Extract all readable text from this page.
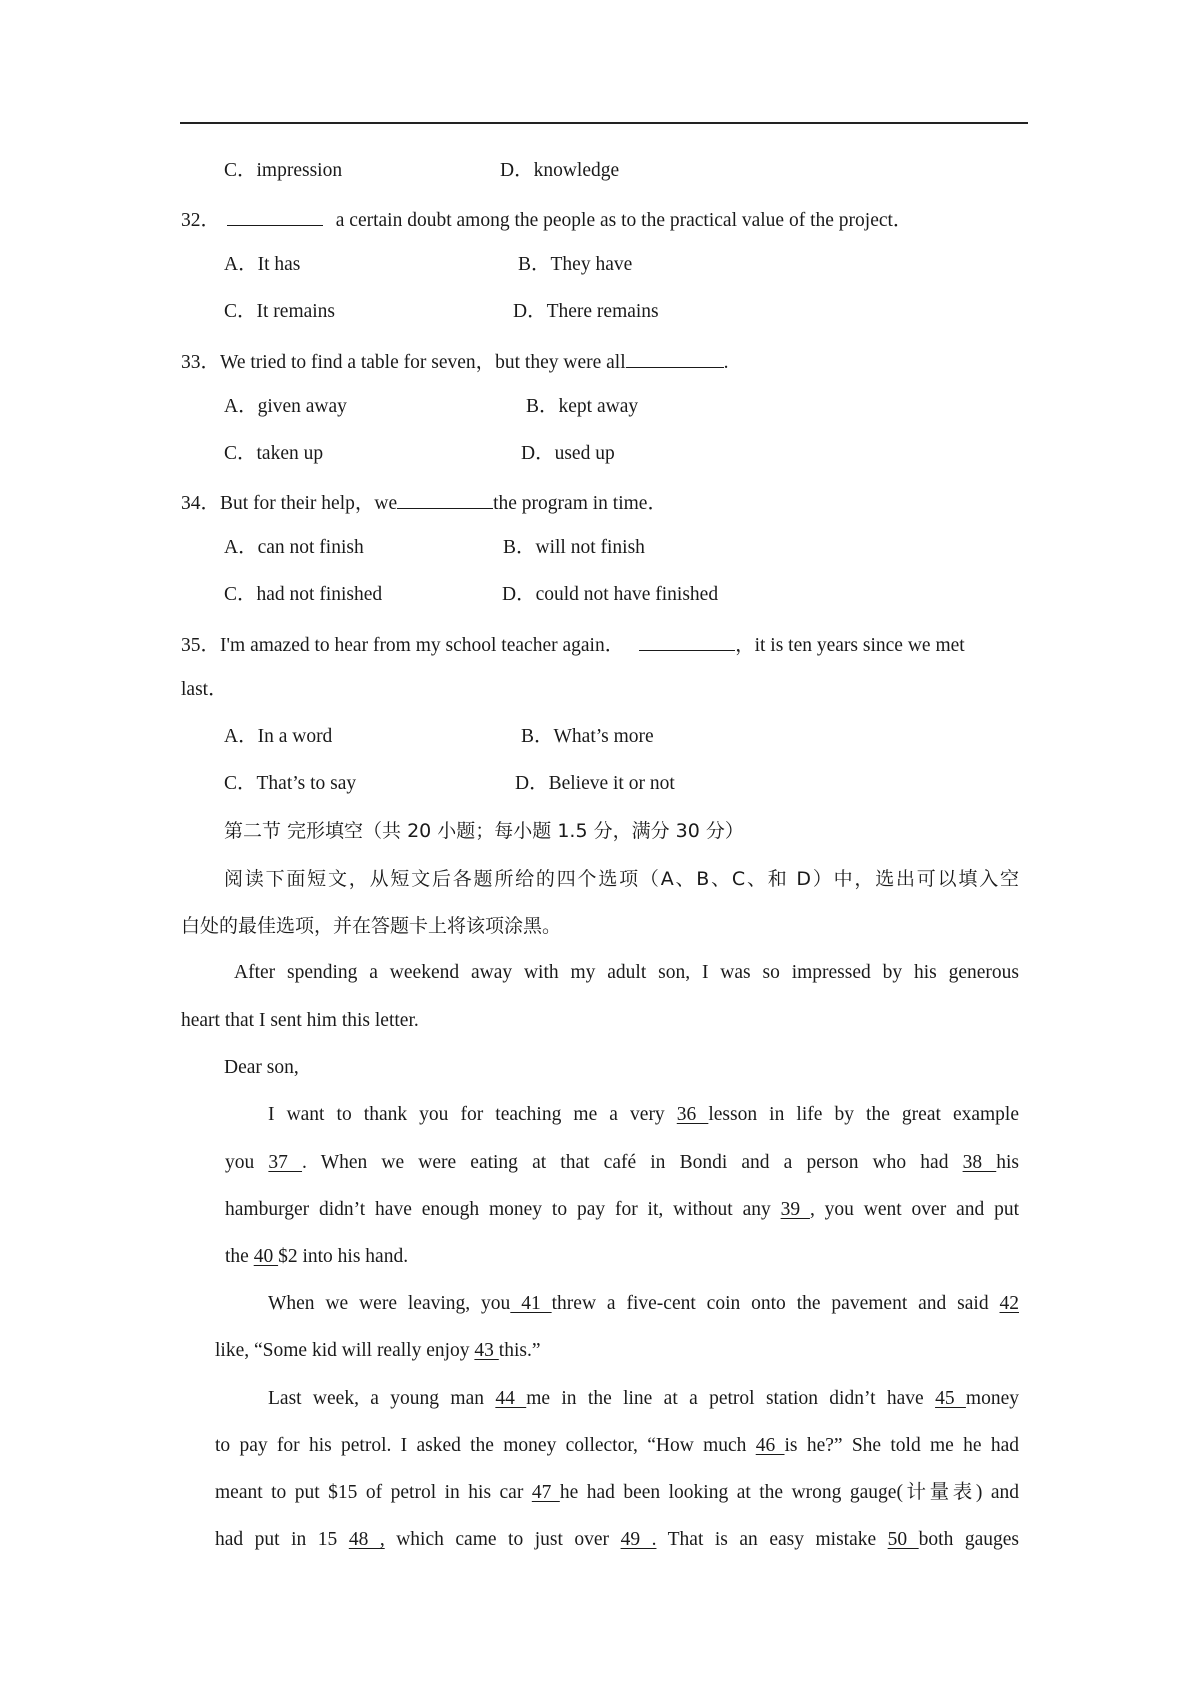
C．impression	D．knowledge
32．	a certain doubt among the people as to the practical value of the project．
A．It has	B．They have
C．It remains	D．There remains
33．We tried to find a table for seven，but they were all	.
A．given away	B．kept away
C．taken up	D．used up
34．But for their help，we	the program in time．
A．can not finish	B．will not finish
C．had not finished	D．could not have finished
35．I'm amazed to hear from my school teacher again．	，it is ten years since we met
last．
A．In a word	B．What’s more
C．That’s to say	D．Believe it or not
第二节 完形填空（共 20 小题；每小题 1.5 分，满分 30 分）
阅读下面短文，从短文后各题所给的四个选项（A、B、C、和 D）中，选出可以填入空
白处的最佳选项，并在答题卡上将该项涂黑。
After spending a weekend away with my adult son, I was so impressed by his generous
heart that I sent him this letter.
Dear son,
I want to thank you for teaching me a very 36 lesson in life by the great example
you 37 . When we were eating at that café in Bondi and a person who had 38 his
hamburger didn’t have enough money to pay for it, without any 39 , you went over and put
the 40 $2 into his hand.
When we were leaving, you 41 threw a five-cent coin onto the pavement and said 42
like, “Some kid will really enjoy 43 this.”
Last week, a young man 44 me in the line at a petrol station didn’t have 45 money
to pay for his petrol. I asked the money collector, “How much 46 is he?” She told me he had
meant to put $15 of petrol in his car 47 he had been looking at the wrong gauge(计量表) and
had put in 15 48 , which came to just over 49 . That is an easy mistake 50 both gauges
